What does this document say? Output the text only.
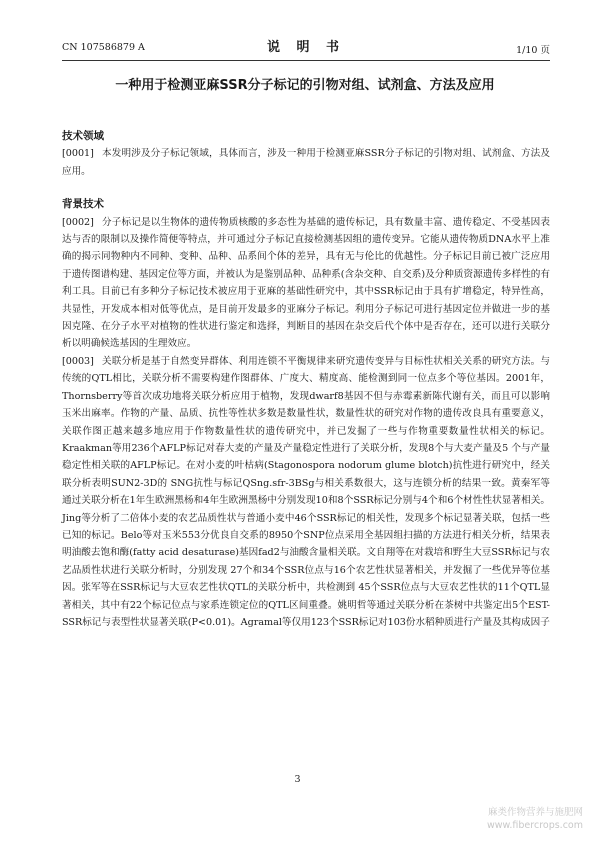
CN 107586879 A	说 明 书	1/10 页
一种用于检测亚麻SSR分子标记的引物对组、试剂盒、方法及应用
技术领域

[0001] 本发明涉及分子标记领域，具体而言，涉及一种用于检测亚麻SSR分子标记的引物对组、试剂盒、方法及应用。

背景技术

[0002] 分子标记是以生物体的遗传物质核酸的多态性为基础的遗传标记，具有数量丰富、遗传稳定、不受基因表达与否的限制以及操作简便等特点，并可通过分子标记直接检测基因组的遗传变异。它能从遗传物质DNA水平上准确的揭示同物种内不同种、变种、品种、品系间个体的差异，具有无与伦比的优越性。分子标记目前已被广泛应用于遗传图谱构建、基因定位等方面，并被认为是鉴别品种、品种系(含杂交种、自交系)及分种质资源遗传多样性的有利工具。目前已有多种分子标记技术被应用于亚麻的基础性研究中，其中SSR标记由于具有扩增稳定，特异性高，共显性，开发成本相对低等优点，是目前开发最多的亚麻分子标记。利用分子标记可进行基因定位并做进一步的基因克隆、在分子水平对植物的性状进行鉴定和选择，判断目的基因在杂交后代个体中是否存在，还可以进行关联分析以明确候选基因的生理效应。

[0003] 关联分析是基于自然变异群体、利用连锁不平衡规律来研究遗传变异与目标性状相关关系的研究方法。与传统的QTL相比，关联分析不需要构建作图群体、广度大、精度高、能检测到同一位点多个等位基因。2001年，Thornsberry等首次成功地将关联分析应用于植物，发现dwarf8基因不但与赤霉素新陈代谢有关，而且可以影响玉米出麻率。作物的产量、品质、抗性等性状多数是数量性状，数量性状的研究对作物的遗传改良具有重要意义，关联作图正越来越多地应用于作物数量性状的遗传研究中，并已发掘了一些与作物重要数量性状相关的标记。Kraakman等用236个AFLP标记对春大麦的产量及产量稳定性进行了关联分析，发现8个与大麦产量及5 个与产量稳定性相关联的AFLP标记。在对小麦的叶枯病(Stagonospora nodorum glume blotch)抗性进行研究中，经关联分析表明SUN2-3D的 SNG抗性与标记QSng.sfr-3BSg与相关系数很大，这与连锁分析的结果一致。黄秦军等通过关联分析在1年生欧洲黑杨和4年生欧洲黑杨中分别发现10和8个SSR标记分别与4个和6个材性性状显著相关。Jing等分析了二倍体小麦的农艺品质性状与普通小麦中46个SSR标记的相关性，发现多个标记显著关联，包括一些已知的标记。Belo等对玉米553分优良自交系的8950个SNP位点采用全基因组扫描的方法进行相关分析，结果表明油酸去饱和酶(fatty acid desaturase)基因fad2与油酸含量相关联。文自翔等在对栽培和野生大豆SSR标记与农艺品质性状进行关联分析时，分别发现 27个和34个SSR位点与16个农艺性状显著相关，并发掘了一些优异等位基因。张军等在SSR标记与大豆农艺性状QTL的关联分析中，共检测到 45个SSR位点与大豆农艺性状的11个QTL显著相关，其中有22个标记位点与家系连锁定位的QTL区间重叠。姚明哲等通过关联分析在茶树中共鉴定出5个EST-SSR标记与表型性状显著关联(P<0.01)。Agramal等仅用123个SSR标记对103份水稻种质进行产量及其构成因子

3
麻类作物营养与施肥网
www.fibercrops.com
